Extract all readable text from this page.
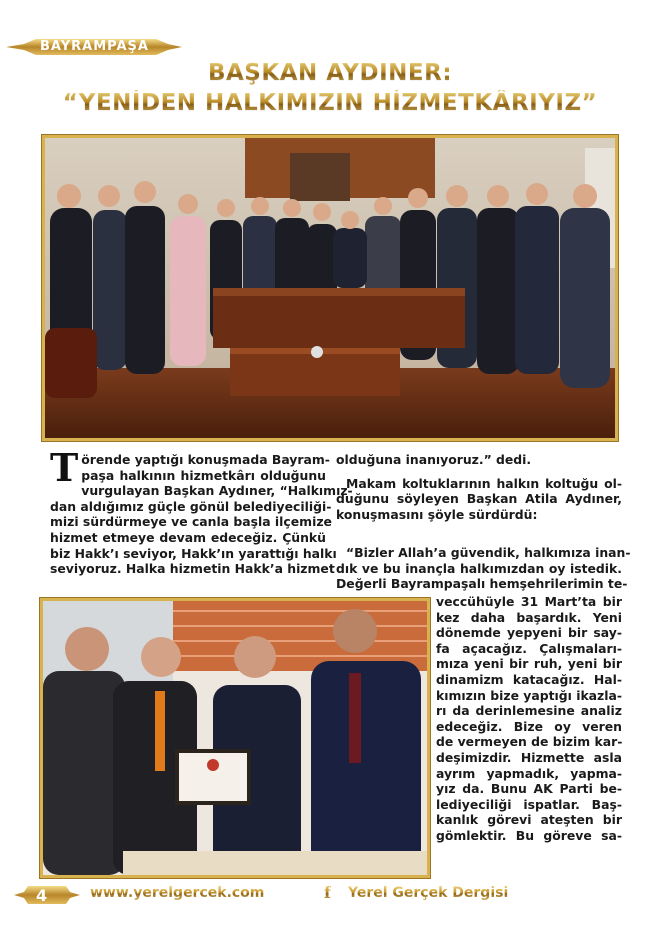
BAYRAMPAŞA
BAŞKAN AYDINER:
“YENİDEN HALKIMIZIN HİZMETKÂRIYIZ”
T örende yaptığı konuşmada Bayram-
paşa halkının hizmetkârı olduğunu
vurgulayan Başkan Aydıner, “Halkımız-
dan aldığımız güçle gönül belediyeciliği-
mizi sürdürmeye ve canla başla ilçemize
hizmet etmeye devam edeceğiz. Çünkü
biz Hakk’ı seviyor, Hakk’ın yarattığı halkı
seviyoruz. Halka hizmetin Hakk’a hizmet
olduğuna inanıyoruz.” dedi.
Makam koltuklarının halkın koltuğu ol-
duğunu söyleyen Başkan Atila Aydıner,
konuşmasını şöyle sürdürdü:
“Bizler Allah’a güvendik, halkımıza inan-
dık ve bu inançla halkımızdan oy istedik.
Değerli Bayrampaşalı hemşehrilerimin te-
veccühüyle 31 Mart’ta bir
kez daha başardık. Yeni
dönemde yepyeni bir say-
fa açacağız. Çalışmaları-
mıza yeni bir ruh, yeni bir
dinamizm katacağız. Hal-
kımızın bize yaptığı ikazla-
rı da derinlemesine analiz
edeceğiz. Bize oy veren
de vermeyen de bizim kar-
deşimizdir. Hizmette asla
ayrım yapmadık, yapma-
yız da. Bunu AK Parti be-
lediyeciliği ispatlar. Baş-
kanlık görevi ateşten bir
gömlektir. Bu göreve sa-
4	www.yerelgercek.com	f Yerel Gerçek Dergisi
